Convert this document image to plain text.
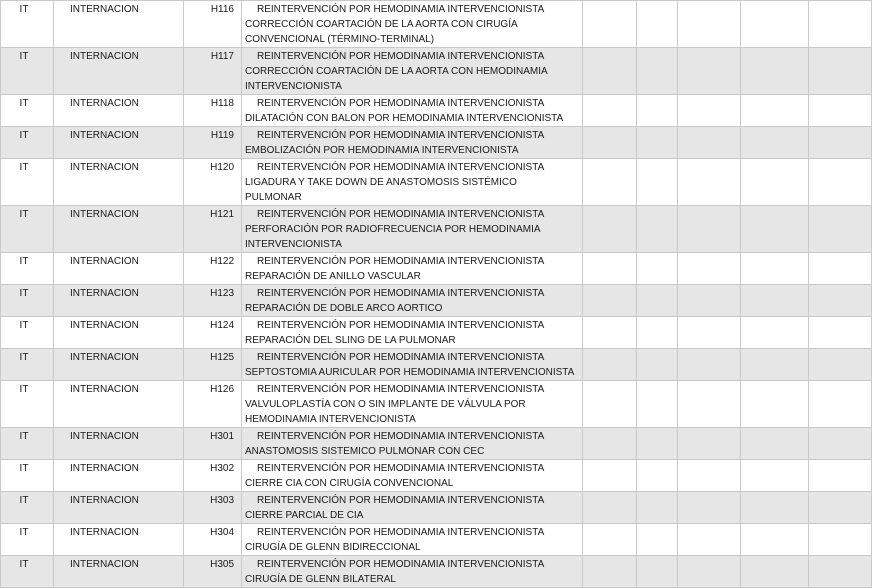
IT	INTERNACION	H116	REINTERVENCIÓN POR HEMODINAMIA INTERVENCIONISTA
CORRECCIÓN COARTACIÓN DE LA AORTA CON CIRUGÍA
CONVENCIONAL (TÉRMINO-TERMINAL)					

IT	INTERNACION	H117	REINTERVENCIÓN POR HEMODINAMIA INTERVENCIONISTA
CORRECCIÓN COARTACIÓN DE LA AORTA CON HEMODINAMIA
INTERVENCIONISTA					

IT	INTERNACION	H118	REINTERVENCIÓN POR HEMODINAMIA INTERVENCIONISTA
DILATACIÓN CON BALON POR HEMODINAMIA INTERVENCIONISTA					

IT	INTERNACION	H119	REINTERVENCIÓN POR HEMODINAMIA INTERVENCIONISTA
EMBOLIZACIÓN POR HEMODINAMIA INTERVENCIONISTA					

IT	INTERNACION	H120	REINTERVENCIÓN POR HEMODINAMIA INTERVENCIONISTA
LIGADURA Y TAKE DOWN DE ANASTOMOSIS SISTÉMICO
PULMONAR					

IT	INTERNACION	H121	REINTERVENCIÓN POR HEMODINAMIA INTERVENCIONISTA
PERFORACIÓN POR RADIOFRECUENCIA POR HEMODINAMIA
INTERVENCIONISTA					

IT	INTERNACION	H122	REINTERVENCIÓN POR HEMODINAMIA INTERVENCIONISTA
REPARACIÓN DE ANILLO VASCULAR					

IT	INTERNACION	H123	REINTERVENCIÓN POR HEMODINAMIA INTERVENCIONISTA
REPARACIÓN DE DOBLE ARCO AORTICO					

IT	INTERNACION	H124	REINTERVENCIÓN POR HEMODINAMIA INTERVENCIONISTA
REPARACIÓN DEL SLING DE LA PULMONAR					

IT	INTERNACION	H125	REINTERVENCIÓN POR HEMODINAMIA INTERVENCIONISTA
SEPTOSTOMIA AURICULAR POR HEMODINAMIA INTERVENCIONISTA					

IT	INTERNACION	H126	REINTERVENCIÓN POR HEMODINAMIA INTERVENCIONISTA
VALVULOPLASTÍA CON O SIN IMPLANTE DE VÁLVULA POR
HEMODINAMIA INTERVENCIONISTA					

IT	INTERNACION	H301	REINTERVENCIÓN POR HEMODINAMIA INTERVENCIONISTA
ANASTOMOSIS SISTEMICO PULMONAR CON CEC					

IT	INTERNACION	H302	REINTERVENCIÓN POR HEMODINAMIA INTERVENCIONISTA
CIERRE CIA CON CIRUGÍA CONVENCIONAL					

IT	INTERNACION	H303	REINTERVENCIÓN POR HEMODINAMIA INTERVENCIONISTA
CIERRE PARCIAL DE CIA					

IT	INTERNACION	H304	REINTERVENCIÓN POR HEMODINAMIA INTERVENCIONISTA
CIRUGÍA DE GLENN BIDIRECCIONAL					

IT	INTERNACION	H305	REINTERVENCIÓN POR HEMODINAMIA INTERVENCIONISTA
CIRUGÍA DE GLENN BILATERAL					
